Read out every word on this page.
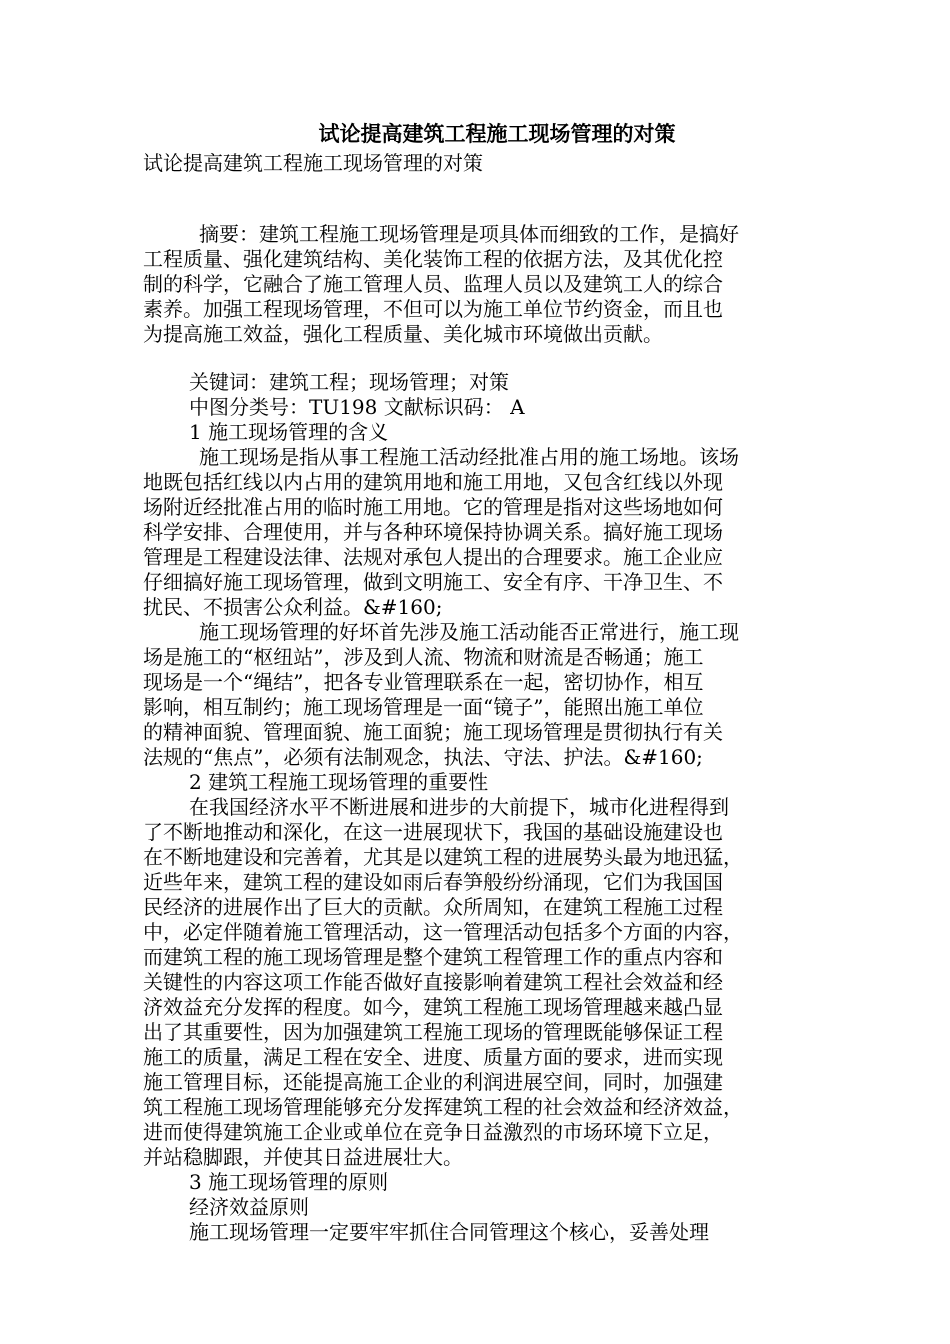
试论提高建筑工程施工现场管理的对策

试论提高建筑工程施工现场管理的对策

摘要：建筑工程施工现场管理是项具体而细致的工作，是搞好

工程质量、强化建筑结构、美化装饰工程的依据方法，及其优化控

制的科学，它融合了施工管理人员、监理人员以及建筑工人的综合

素养。加强工程现场管理，不但可以为施工单位节约资金，而且也

为提高施工效益，强化工程质量、美化城市环境做出贡献。

关键词：建筑工程；现场管理；对策

中图分类号：TU198 文献标识码： A

1 施工现场管理的含义

施工现场是指从事工程施工活动经批准占用的施工场地。该场

地既包括红线以内占用的建筑用地和施工用地，又包含红线以外现

场附近经批准占用的临时施工用地。它的管理是指对这些场地如何

科学安排、合理使用，并与各种环境保持协调关系。搞好施工现场

管理是工程建设法律、法规对承包人提出的合理要求。施工企业应

仔细搞好施工现场管理，做到文明施工、安全有序、干净卫生、不

扰民、不损害公众利益。&#160;

施工现场管理的好坏首先涉及施工活动能否正常进行，施工现

场是施工的“枢纽站”，涉及到人流、物流和财流是否畅通；施工

现场是一个“绳结”，把各专业管理联系在一起，密切协作，相互

影响，相互制约；施工现场管理是一面“镜子”，能照出施工单位

的精神面貌、管理面貌、施工面貌；施工现场管理是贯彻执行有关

法规的“焦点”，必须有法制观念，执法、守法、护法。&#160;

2 建筑工程施工现场管理的重要性

在我国经济水平不断进展和进步的大前提下，城市化进程得到

了不断地推动和深化，在这一进展现状下，我国的基础设施建设也

在不断地建设和完善着，尤其是以建筑工程的进展势头最为地迅猛，

近些年来，建筑工程的建设如雨后春笋般纷纷涌现，它们为我国国

民经济的进展作出了巨大的贡献。众所周知，在建筑工程施工过程

中，必定伴随着施工管理活动，这一管理活动包括多个方面的内容，

而建筑工程的施工现场管理是整个建筑工程管理工作的重点内容和

关键性的内容这项工作能否做好直接影响着建筑工程社会效益和经

济效益充分发挥的程度。如今，建筑工程施工现场管理越来越凸显

出了其重要性，因为加强建筑工程施工现场的管理既能够保证工程

施工的质量，满足工程在安全、进度、质量方面的要求，进而实现

施工管理目标，还能提高施工企业的利润进展空间，同时，加强建

筑工程施工现场管理能够充分发挥建筑工程的社会效益和经济效益，

进而使得建筑施工企业或单位在竞争日益激烈的市场环境下立足，

并站稳脚跟，并使其日益进展壮大。

3 施工现场管理的原则

经济效益原则

施工现场管理一定要牢牢抓住合同管理这个核心，妥善处理
